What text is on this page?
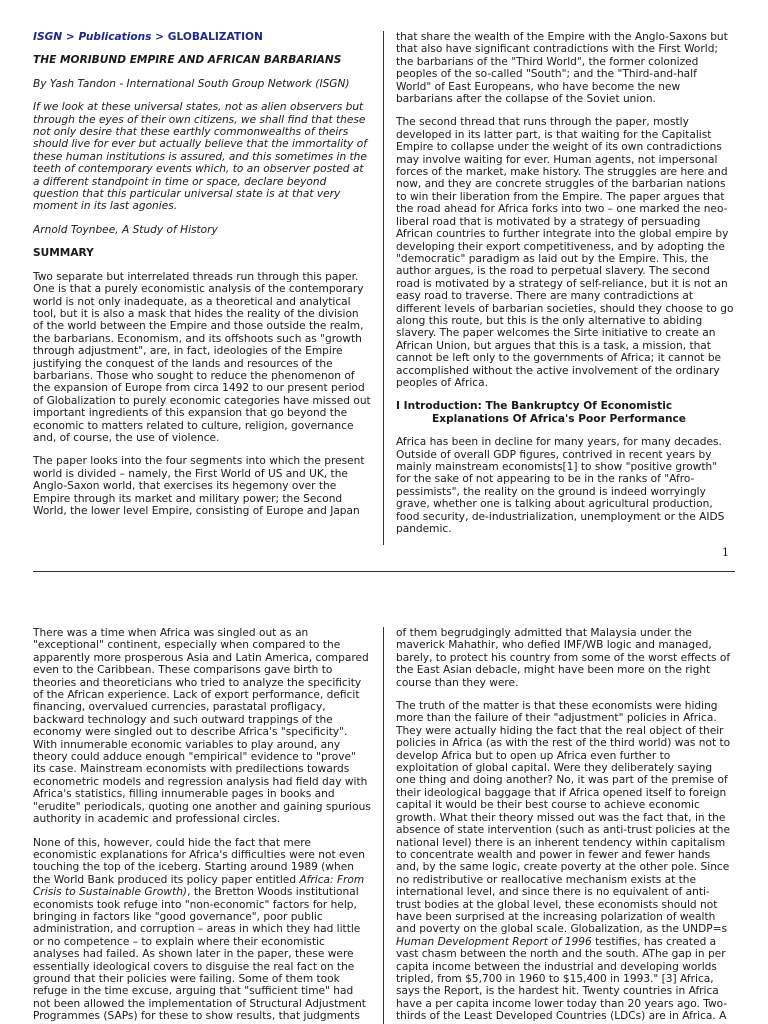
ISGN > Publications > GLOBALIZATION

THE MORIBUND EMPIRE AND AFRICAN BARBARIANS

By Yash Tandon - International South Group Network (ISGN)

If we look at these universal states, not as alien observers but through the eyes of their own citizens, we shall find that these not only desire that these earthly commonwealths of theirs should live for ever but actually believe that the immortality of these human institutions is assured, and this sometimes in the teeth of contemporary events which, to an observer posted at a different standpoint in time or space, declare beyond question that this particular universal state is at that very moment in its last agonies.

Arnold Toynbee, A Study of History

SUMMARY

Two separate but interrelated threads run through this paper. One is that a purely economistic analysis of the contemporary world is not only inadequate, as a theoretical and analytical tool, but it is also a mask that hides the reality of the division of the world between the Empire and those outside the realm, the barbarians. Economism, and its offshoots such as "growth through adjustment", are, in fact, ideologies of the Empire justifying the conquest of the lands and resources of the barbarians. Those who sought to reduce the phenomenon of the expansion of Europe from circa 1492 to our present period of Globalization to purely economic categories have missed out important ingredients of this expansion that go beyond the economic to matters related to culture, religion, governance and, of course, the use of violence.

The paper looks into the four segments into which the present world is divided – namely, the First World of US and UK, the Anglo-Saxon world, that exercises its hegemony over the Empire through its market and military power; the Second World, the lower level Empire, consisting of Europe and Japan

that share the wealth of the Empire with the Anglo-Saxons but that also have significant contradictions with the First World; the barbarians of the "Third World", the former colonized peoples of the so-called "South"; and the "Third-and-half World" of East Europeans, who have become the new barbarians after the collapse of the Soviet union.

The second thread that runs through the paper, mostly developed in its latter part, is that waiting for the Capitalist Empire to collapse under the weight of its own contradictions may involve waiting for ever. Human agents, not impersonal forces of the market, make history. The struggles are here and now, and they are concrete struggles of the barbarian nations to win their liberation from the Empire. The paper argues that the road ahead for Africa forks into two – one marked the neo-liberal road that is motivated by a strategy of persuading African countries to further integrate into the global empire by developing their export competitiveness, and by adopting the "democratic" paradigm as laid out by the Empire. This, the author argues, is the road to perpetual slavery. The second road is motivated by a strategy of self-reliance, but it is not an easy road to traverse. There are many contradictions at different levels of barbarian societies, should they choose to go along this route, but this is the only alternative to abiding slavery. The paper welcomes the Sirte initiative to create an African Union, but argues that this is a task, a mission, that cannot be left only to the governments of Africa; it cannot be accomplished without the active involvement of the ordinary peoples of Africa.

I Introduction: The Bankruptcy Of Economistic
Explanations Of Africa's Poor Performance

Africa has been in decline for many years, for many decades. Outside of overall GDP figures, contrived in recent years by mainly mainstream economists[1] to show "positive growth" for the sake of not appearing to be in the ranks of "Afro-pessimists", the reality on the ground is indeed worryingly grave, whether one is talking about agricultural production, food security, de-industrialization, unemployment or the AIDS pandemic.

1

There was a time when Africa was singled out as an "exceptional" continent, especially when compared to the apparently more prosperous Asia and Latin America, compared even to the Caribbean. These comparisons gave birth to theories and theoreticians who tried to analyze the specificity of the African experience. Lack of export performance, deficit financing, overvalued currencies, parastatal profligacy, backward technology and such outward trappings of the economy were singled out to describe Africa's "specificity". With innumerable economic variables to play around, any theory could adduce enough "empirical" evidence to "prove" its case. Mainstream economists with predilections towards econometric models and regression analysis had field day with Africa's statistics, filling innumerable pages in books and "erudite" periodicals, quoting one another and gaining spurious authority in academic and professional circles.

None of this, however, could hide the fact that mere economistic explanations for Africa's difficulties were not even touching the top of the iceberg. Starting around 1989 (when the World Bank produced its policy paper entitled Africa: From Crisis to Sustainable Growth), the Bretton Woods institutional economists took refuge into "non-economic" factors for help, bringing in factors like "good governance", poor public administration, and corruption – areas in which they had little or no competence – to explain where their economistic analyses had failed. As shown later in the paper, these were essentially ideological covers to disguise the real fact on the ground that their policies were failing. Some of them took refuge in the time excuse, arguing that "sufficient time" had not been allowed the implementation of Structural Adjustment Programmes (SAPs) for these to show results, that judgments

of them begrudgingly admitted that Malaysia under the maverick Mahathir, who defied IMF/WB logic and managed, barely, to protect his country from some of the worst effects of the East Asian debacle, might have been more on the right course than they were.

The truth of the matter is that these economists were hiding more than the failure of their "adjustment" policies in Africa. They were actually hiding the fact that the real object of their policies in Africa (as with the rest of the third world) was not to develop Africa but to open up Africa even further to exploitation of global capital. Were they deliberately saying one thing and doing another? No, it was part of the premise of their ideological baggage that if Africa opened itself to foreign capital it would be their best course to achieve economic growth. What their theory missed out was the fact that, in the absence of state intervention (such as anti-trust policies at the national level) there is an inherent tendency within capitalism to concentrate wealth and power in fewer and fewer hands and, by the same logic, create poverty at the other pole. Since no redistributive or reallocative mechanism exists at the international level, and since there is no equivalent of anti-trust bodies at the global level, these economists should not have been surprised at the increasing polarization of wealth and poverty on the global scale. Globalization, as the UNDP=s Human Development Report of 1996 testifies, has created a vast chasm between the north and the south. AThe gap in per capita income between the industrial and developing worlds tripled, from $5,700 in 1960 to $15,400 in 1993." [3] Africa, says the Report, is the hardest hit. Twenty countries in Africa have a per capita income lower today than 20 years ago. Two-thirds of the Least Developed Countries (LDCs) are in Africa. A
